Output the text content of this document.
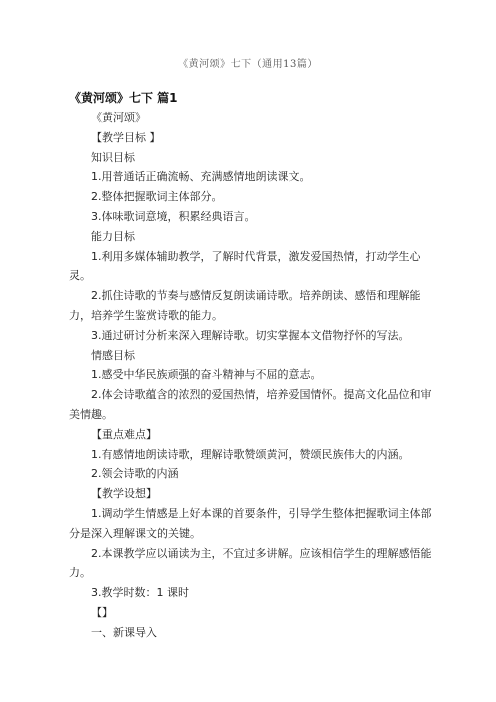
《黄河颂》七下（通用13篇）
《黄河颂》七下 篇1

《黄河颂》

【教学目标 】

知识目标

1.用普通话正确流畅、充满感情地朗读课文。

2.整体把握歌词主体部分。

3.体味歌词意境，积累经典语言。

能力目标

1.利用多媒体辅助教学，了解时代背景，激发爱国热情，打动学生心灵。

2.抓住诗歌的节奏与感情反复朗读诵诗歌。培养朗读、感悟和理解能力，培养学生鉴赏诗歌的能力。

3.通过研讨分析来深入理解诗歌。切实掌握本文借物抒怀的写法。

情感目标

1.感受中华民族顽强的奋斗精神与不屈的意志。

2.体会诗歌蕴含的浓烈的爱国热情，培养爱国情怀。提高文化品位和审美情趣。

【重点难点】

1.有感情地朗读诗歌，理解诗歌赞颂黄河，赞颂民族伟大的内涵。

2.领会诗歌的内涵

【教学设想】

1.调动学生情感是上好本课的首要条件，引导学生整体把握歌词主体部分是深入理解课文的关键。

2.本课教学应以诵读为主，不宜过多讲解。应该相信学生的理解感悟能力。

3.教学时数：1 课时

【】

一、新课导入
